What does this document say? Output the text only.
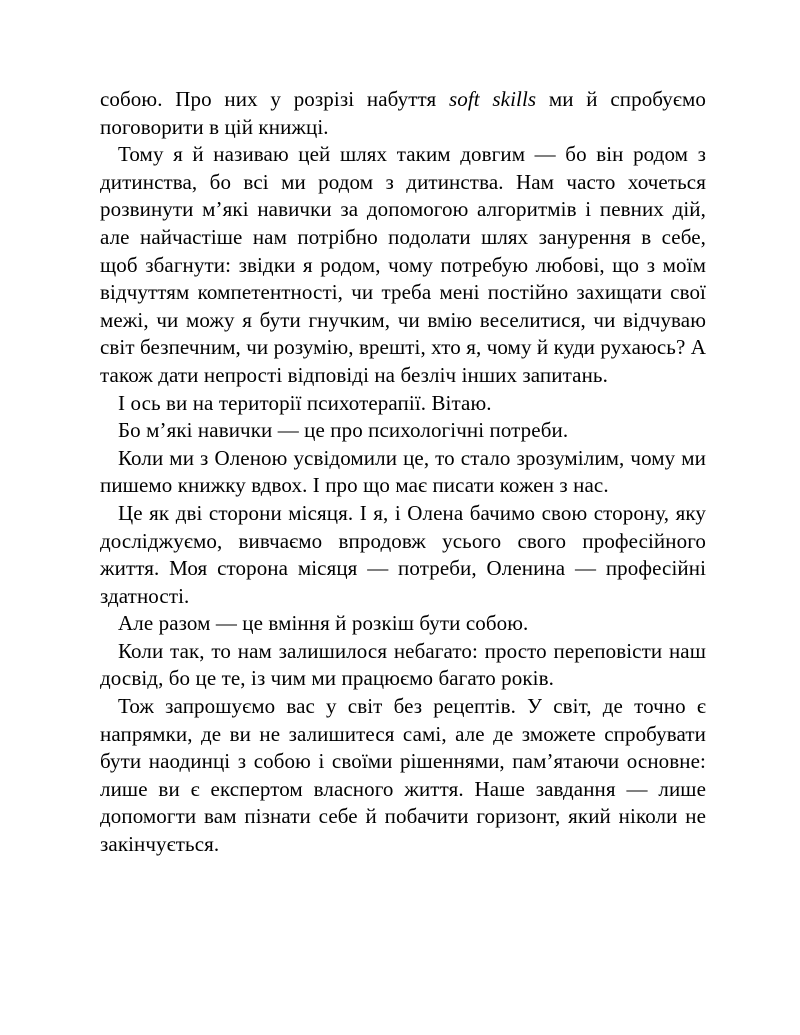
собою. Про них у розрізі набуття soft skills ми й спробуємо поговорити в цій книжці.

Тому я й називаю цей шлях таким довгим — бо він родом з дитинства, бо всі ми родом з дитинства. Нам часто хочеться розвинути м’які навички за допомогою алгоритмів і певних дій, але найчастіше нам потрібно подолати шлях занурення в себе, щоб збагнути: звідки я родом, чому потребую любові, що з моїм відчуттям компетентності, чи треба мені постійно захищати свої межі, чи можу я бути гнучким, чи вмію веселитися, чи відчуваю світ безпечним, чи розумію, врешті, хто я, чому й куди рухаюсь? А також дати непрості відповіді на безліч інших запитань.

І ось ви на території психотерапії. Вітаю.

Бо м’які навички — це про психологічні потреби.

Коли ми з Оленою усвідомили це, то стало зрозумілим, чому ми пишемо книжку вдвох. І про що має писати кожен з нас.

Це як дві сторони місяця. І я, і Олена бачимо свою сторону, яку досліджуємо, вивчаємо впродовж усього свого професійного життя. Моя сторона місяця — потреби, Оленина — професійні здатності.

Але разом — це вміння й розкіш бути собою.

Коли так, то нам залишилося небагато: просто переповісти наш досвід, бо це те, із чим ми працюємо багато років.

Тож запрошуємо вас у світ без рецептів. У світ, де точно є напрямки, де ви не залишитеся самі, але де зможете спробувати бути наодинці з собою і своїми рішеннями, пам’ятаючи основне: лише ви є експертом власного життя. Наше завдання — лише допомогти вам пізнати себе й побачити горизонт, який ніколи не закінчується.
